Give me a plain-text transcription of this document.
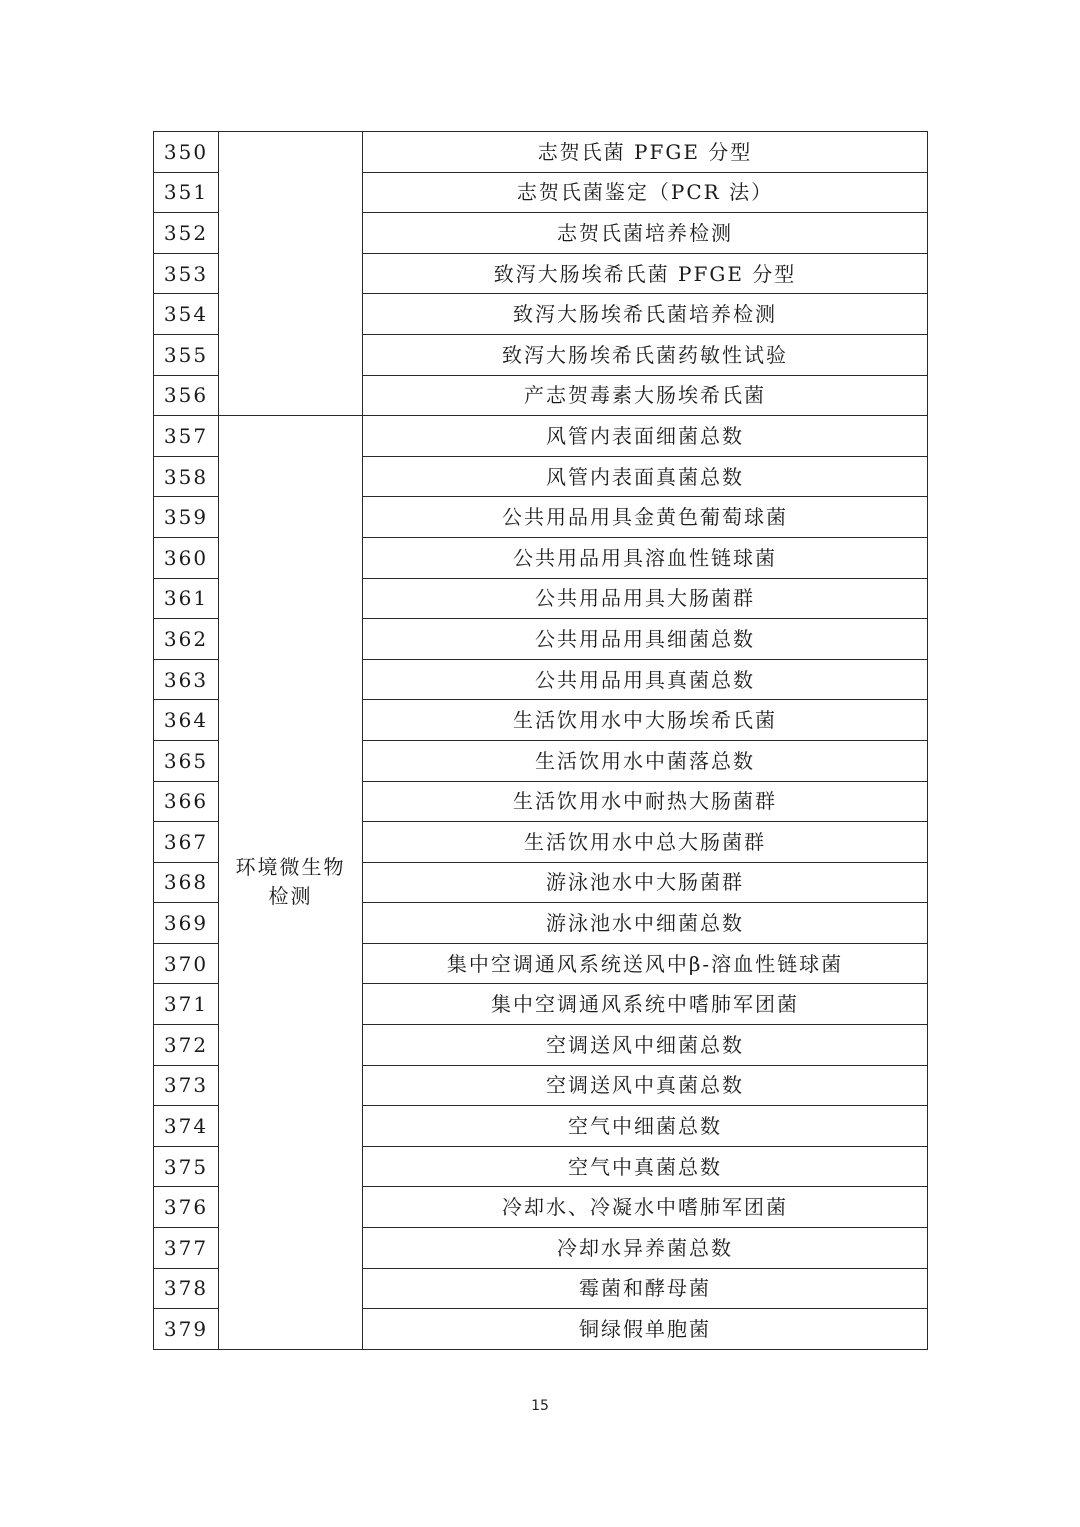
350		志贺氏菌 PFGE 分型
351		志贺氏菌鉴定（PCR 法）
352		志贺氏菌培养检测
353		致泻大肠埃希氏菌 PFGE 分型
354		致泻大肠埃希氏菌培养检测
355		致泻大肠埃希氏菌药敏性试验
356		产志贺毒素大肠埃希氏菌
357	环境微生物检测	风管内表面细菌总数
358		风管内表面真菌总数
359		公共用品用具金黄色葡萄球菌
360		公共用品用具溶血性链球菌
361		公共用品用具大肠菌群
362		公共用品用具细菌总数
363		公共用品用具真菌总数
364		生活饮用水中大肠埃希氏菌
365		生活饮用水中菌落总数
366		生活饮用水中耐热大肠菌群
367		生活饮用水中总大肠菌群
368		游泳池水中大肠菌群
369		游泳池水中细菌总数
370		集中空调通风系统送风中β-溶血性链球菌
371		集中空调通风系统中嗜肺军团菌
372		空调送风中细菌总数
373		空调送风中真菌总数
374		空气中细菌总数
375		空气中真菌总数
376		冷却水、冷凝水中嗜肺军团菌
377		冷却水异养菌总数
378		霉菌和酵母菌
379		铜绿假单胞菌
15
